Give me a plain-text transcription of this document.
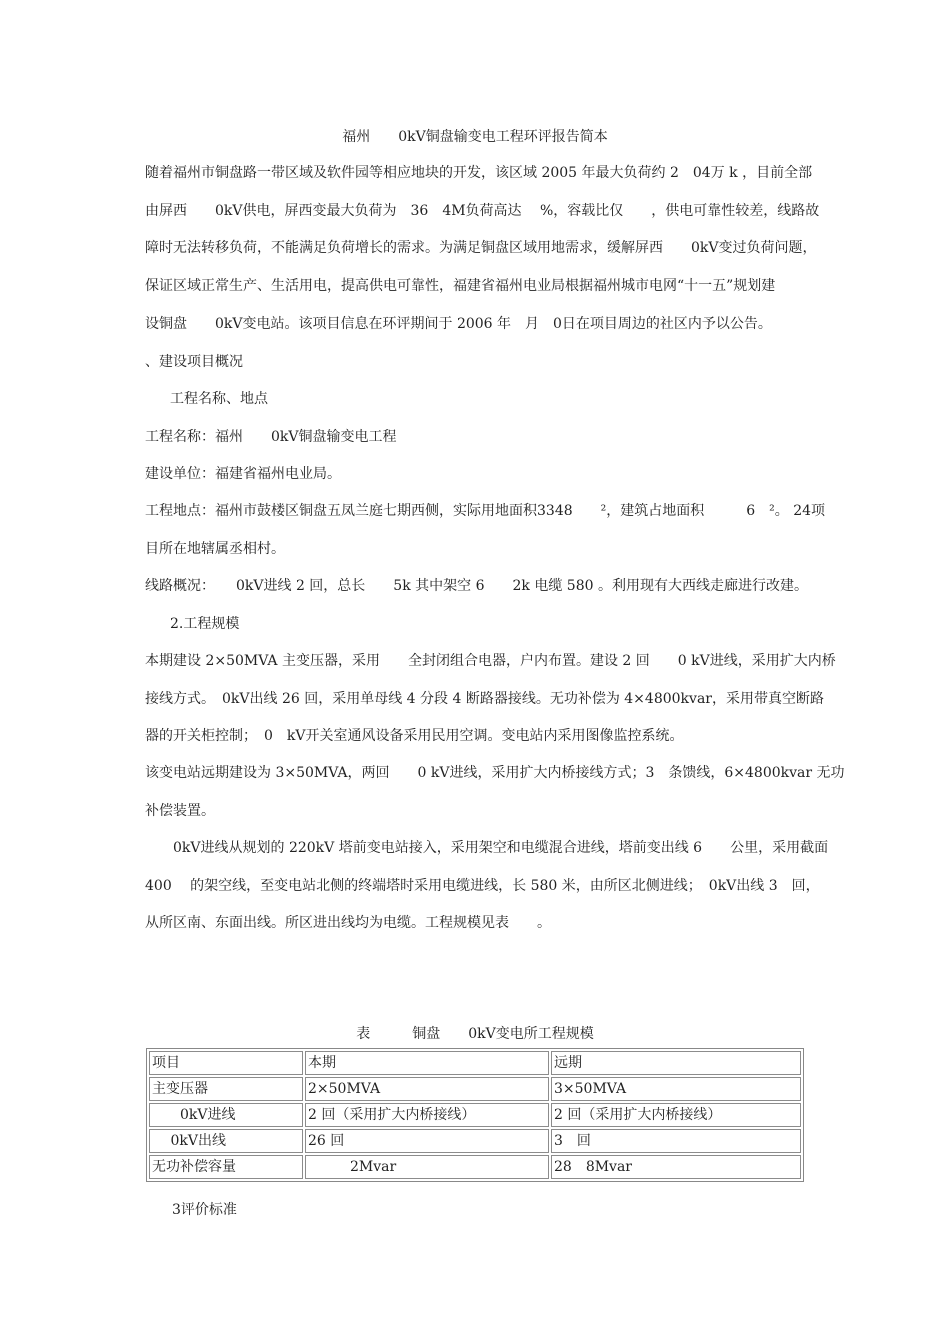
福州　　0kV铜盘输变电工程环评报告简本
随着福州市铜盘路一带区域及软件园等相应地块的开发，该区域 2005 年最大负荷约 2　04万 k ，目前全部
由屏西　　0kV供电，屏西变最大负荷为　36　4M负荷高达　 %，容载比仅　　，供电可靠性较差，线路故
障时无法转移负荷，不能满足负荷增长的需求。为满足铜盘区域用地需求，缓解屏西　　0kV变过负荷问题，
保证区域正常生产、生活用电，提高供电可靠性，福建省福州电业局根据福州城市电网“十一五”规划建
设铜盘　　0kV变电站。该项目信息在环评期间于 2006 年　月　0日在项目周边的社区内予以公告。
、建设项目概况
工程名称、地点
工程名称：福州　　0kV铜盘输变电工程
建设单位：福建省福州电业局。
工程地点：福州市鼓楼区铜盘五凤兰庭七期西侧，实际用地面积3348　　²，建筑占地面积　　　6　²。 24项
目所在地辖属丞相村。
线路概况：　　0kV进线 2 回，总长　　5k 其中架空 6　　2k 电缆 580 。利用现有大西线走廊进行改建。
2.工程规模
本期建设 2×50MVA 主变压器，采用　　全封闭组合电器，户内布置。建设 2 回　　0 kV进线，采用扩大内桥
接线方式。　0kV出线 26 回，采用单母线 4 分段 4 断路器接线。无功补偿为 4×4800kvar，采用带真空断路
器的开关柜控制；　0　kV开关室通风设备采用民用空调。变电站内采用图像监控系统。
该变电站远期建设为 3×50MVA，两回　　0 kV进线，采用扩大内桥接线方式；3　条馈线，6×4800kvar 无功
补偿装置。
　　0kV进线从规划的 220kV 塔前变电站接入，采用架空和电缆混合进线，塔前变出线 6　　公里，采用截面
400　 的架空线，至变电站北侧的终端塔时采用电缆进线，长 580 米，由所区北侧进线；　0kV出线 3　回，
从所区南、东面出线。所区进出线均为电缆。工程规模见表　　。
表　　　铜盘　　0kV变电所工程规模
项目	本期	远期
主变压器	2×50MVA	3×50MVA
　　0kV进线	2 回（采用扩大内桥接线）	2 回（采用扩大内桥接线）
　 0kV出线	26 回	3　回
无功补偿容量	　　　2Mvar	28　8Mvar
3评价标准
